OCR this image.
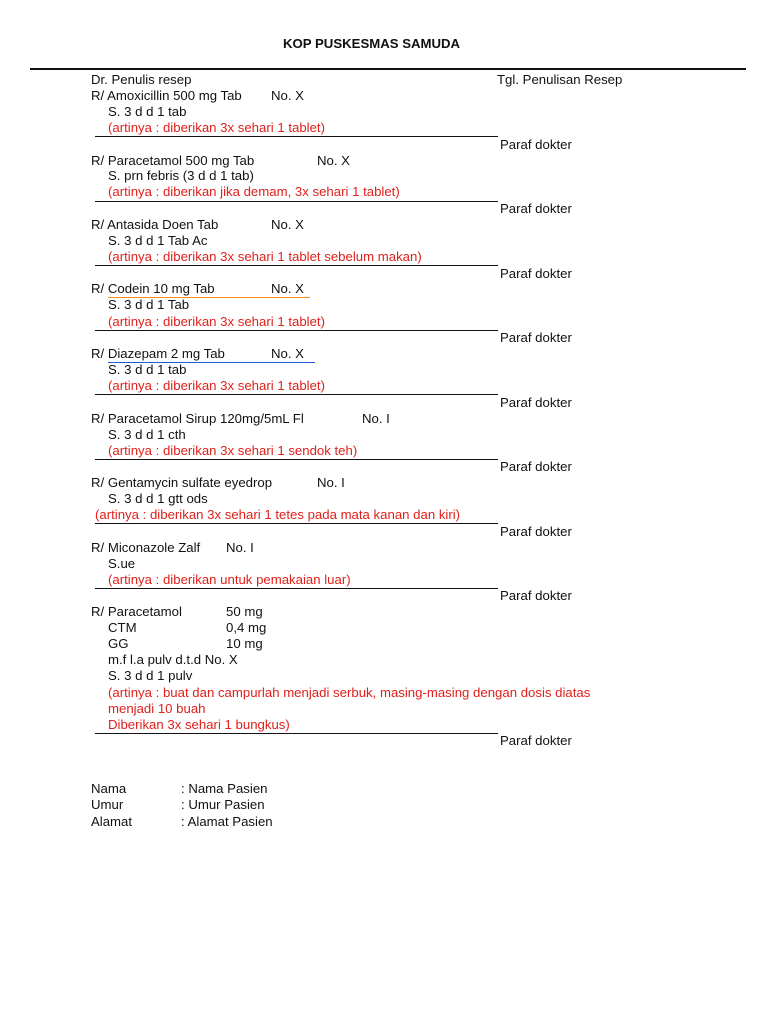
KOP PUSKESMAS SAMUDA
Dr. Penulis resep	Tgl. Penulisan Resep
R/ Amoxicillin 500 mg Tab No. X
S. 3 d d 1 tab
(artinya : diberikan 3x sehari 1 tablet)
Paraf dokter
R/ Paracetamol 500 mg Tab	No. X
S. prn febris (3 d d 1 tab)
(artinya : diberikan jika demam, 3x sehari 1 tablet)
Paraf dokter
R/ Antasida Doen Tab	No. X
S. 3 d d 1 Tab Ac
(artinya : diberikan 3x sehari 1 tablet sebelum makan)
Paraf dokter
R/ Codein 10 mg Tab	No. X
S. 3 d d 1 Tab
(artinya : diberikan 3x sehari 1 tablet)
Paraf dokter
R/ Diazepam 2 mg Tab	No. X
S. 3 d d 1 tab
(artinya : diberikan 3x sehari 1 tablet)
Paraf dokter
R/ Paracetamol Sirup 120mg/5mL Fl	No. I
S. 3 d d 1 cth
(artinya : diberikan 3x sehari 1 sendok teh)
Paraf dokter
R/ Gentamycin sulfate eyedrop	No. I
S. 3 d d 1 gtt ods
(artinya : diberikan 3x sehari 1 tetes pada mata kanan dan kiri)
Paraf dokter
R/ Miconazole Zalf No. I
S.ue
(artinya : diberikan untuk pemakaian luar)
Paraf dokter
R/ Paracetamol	50 mg
CTM	0,4 mg
GG	10 mg
m.f l.a pulv d.t.d No. X
S. 3 d d 1 pulv
(artinya : buat dan campurlah menjadi serbuk, masing-masing dengan dosis diatas
menjadi 10 buah
Diberikan 3x sehari 1 bungkus)
Paraf dokter
Nama	: Nama Pasien
Umur	: Umur Pasien
Alamat	: Alamat Pasien
